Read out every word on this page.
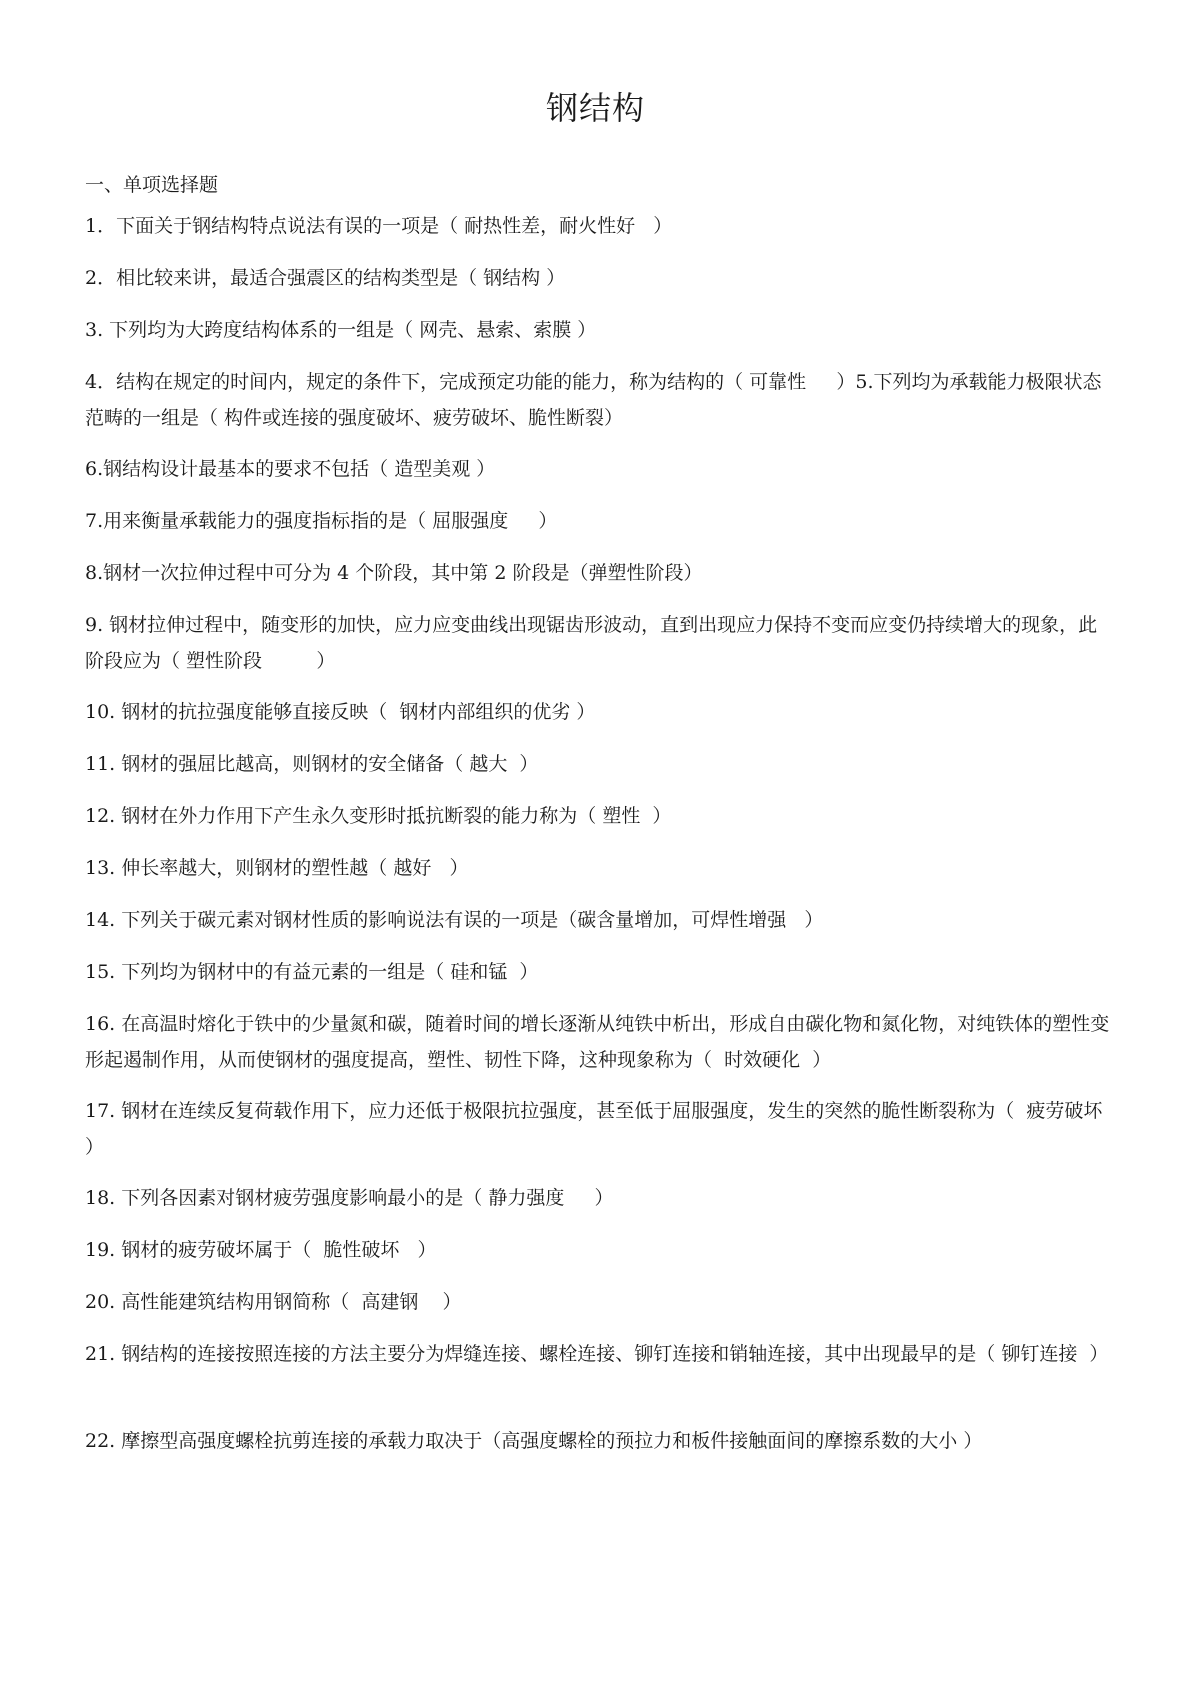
钢结构
一、单项选择题
1．下面关于钢结构特点说法有误的一项是（ 耐热性差，耐火性好   ）
2．相比较来讲，最适合强震区的结构类型是（ 钢结构 ）
3. 下列均为大跨度结构体系的一组是（ 网壳、悬索、索膜 ）
4．结构在规定的时间内，规定的条件下，完成预定功能的能力，称为结构的（ 可靠性     ）5.下列均为承载能力极限状态范畴的一组是（ 构件或连接的强度破坏、疲劳破坏、脆性断裂）
6.钢结构设计最基本的要求不包括（ 造型美观 ）
7.用来衡量承载能力的强度指标指的是（ 屈服强度     ）
8.钢材一次拉伸过程中可分为 4 个阶段，其中第 2 阶段是（弹塑性阶段）
9. 钢材拉伸过程中，随变形的加快，应力应变曲线出现锯齿形波动，直到出现应力保持不变而应变仍持续增大的现象，此阶段应为（ 塑性阶段         ）
10. 钢材的抗拉强度能够直接反映（  钢材内部组织的优劣 ）
11. 钢材的强屈比越高，则钢材的安全储备（ 越大  ）
12. 钢材在外力作用下产生永久变形时抵抗断裂的能力称为（ 塑性  ）
13. 伸长率越大，则钢材的塑性越（ 越好   ）
14. 下列关于碳元素对钢材性质的影响说法有误的一项是（碳含量增加，可焊性增强   ）
15. 下列均为钢材中的有益元素的一组是（ 硅和锰  ）
16. 在高温时熔化于铁中的少量氮和碳，随着时间的增长逐渐从纯铁中析出，形成自由碳化物和氮化物，对纯铁体的塑性变形起遏制作用，从而使钢材的强度提高，塑性、韧性下降，这种现象称为（  时效硬化  ）
17. 钢材在连续反复荷载作用下，应力还低于极限抗拉强度，甚至低于屈服强度，发生的突然的脆性断裂称为（  疲劳破坏  ）
18. 下列各因素对钢材疲劳强度影响最小的是（ 静力强度     ）
19. 钢材的疲劳破坏属于（  脆性破坏   ）
20. 高性能建筑结构用钢简称（  高建钢    ）
21. 钢结构的连接按照连接的方法主要分为焊缝连接、螺栓连接、铆钉连接和销轴连接，其中出现最早的是（ 铆钉连接  ）
22. 摩擦型高强度螺栓抗剪连接的承载力取决于（高强度螺栓的预拉力和板件接触面间的摩擦系数的大小 ）
